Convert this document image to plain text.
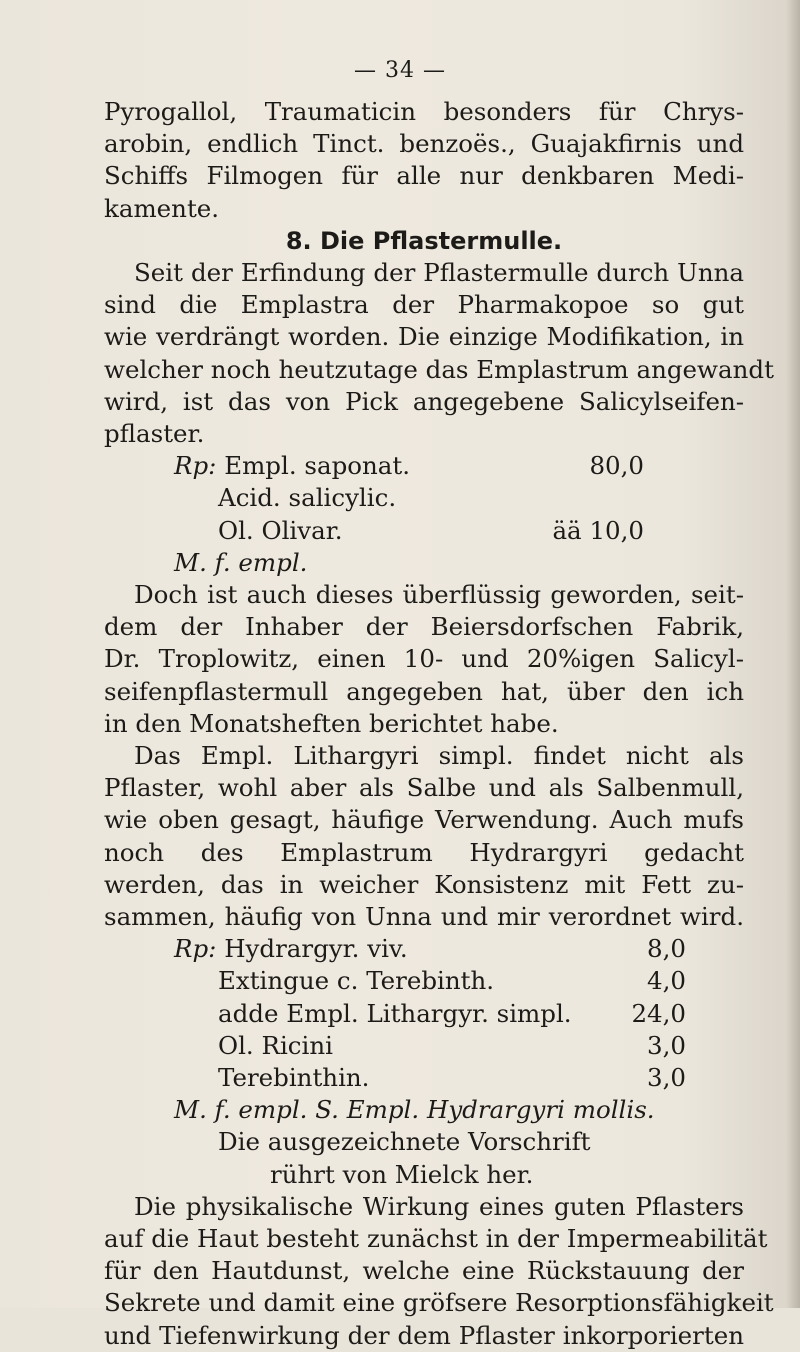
— 34 —
Pyrogallol, Traumaticin besonders für Chrys-
arobin, endlich Tinct. benzoës., Guajakfirnis und
Schiffs Filmogen für alle nur denkbaren Medi-
kamente.
8. Die Pflastermulle.
Seit der Erfindung der Pflastermulle durch Unna
sind die Emplastra der Pharmakopoe so gut
wie verdrängt worden. Die einzige Modifikation, in
welcher noch heutzutage das Emplastrum angewandt
wird, ist das von Pick angegebene Salicylseifen-
pflaster.
Rp: Empl. saponat.	80,0
Acid. salicylic.
Ol. Olivar.	ää 10,0
M. f. empl.
Doch ist auch dieses überflüssig geworden, seit-
dem der Inhaber der Beiersdorfschen Fabrik,
Dr. Troplowitz, einen 10- und 20%igen Salicyl-
seifenpflastermull angegeben hat, über den ich
in den Monatsheften berichtet habe.
Das Empl. Lithargyri simpl. findet nicht als
Pflaster, wohl aber als Salbe und als Salbenmull,
wie oben gesagt, häufige Verwendung. Auch mufs
noch des Emplastrum Hydrargyri gedacht
werden, das in weicher Konsistenz mit Fett zu-
sammen, häufig von Unna und mir verordnet wird.
Rp: Hydrargyr. viv.	8,0
Extingue c. Terebinth.	4,0
adde Empl. Lithargyr. simpl. 24,0
Ol. Ricini	3,0
Terebinthin.	3,0
M. f. empl. S. Empl. Hydrargyri mollis.
Die ausgezeichnete Vorschrift
rührt von Mielck her.
Die physikalische Wirkung eines guten Pflasters
auf die Haut besteht zunächst in der Impermeabilität
für den Hautdunst, welche eine Rückstauung der
Sekrete und damit eine gröfsere Resorptionsfähigkeit
und Tiefenwirkung der dem Pflaster inkorporierten
